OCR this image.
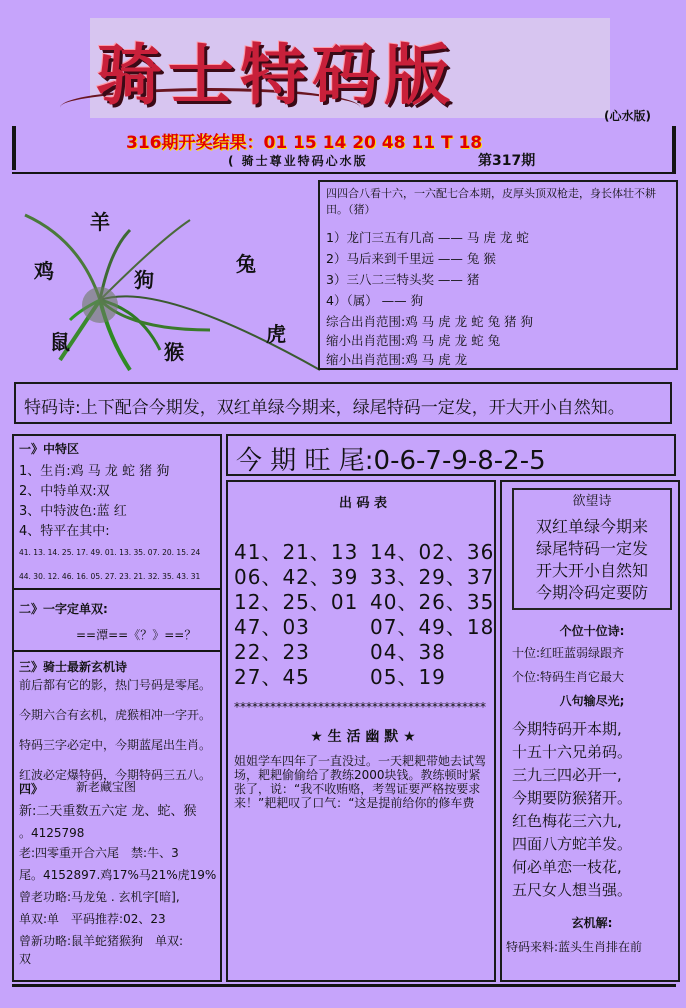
骑士特码版
(心水版)
316期开奖结果：01 15 14 20 48 11 T 18
( 骑士尊业特码心水版	第317期
羊
鸡	狗
兔
鼠	猴
虎
四四合八看十六，一六配七合本期，皮厚头顶双枪走，身长体壮不耕田。（猪）
1）龙门三五有几高 —— 马 虎 龙 蛇
2）马后来到千里远 —— 兔 猴
3）三八二三特头奖 —— 猪
4）（属） —— 狗
综合出肖范围:鸡 马 虎 龙 蛇 兔 猪 狗
缩小出肖范围:鸡 马 虎 龙 蛇 兔
缩小出肖范围:鸡 马 虎 龙
特码诗:上下配合今期发，双红单绿今期来，绿尾特码一定发，开大开小自然知。
一》中特区
1、生肖:鸡 马 龙 蛇 猪 狗
2、中特单双:双
3、中特波色:蓝 红
4、特平在其中:
41. 13. 14. 25. 17. 49. 01. 13. 35. 07. 20. 15. 24
44. 30. 12. 46. 16. 05. 27. 23. 21. 32. 35. 43. 31
二》一字定单双:
==潭==《？》==？
三》骑士最新玄机诗
前后都有它的影，热门号码是零尾。
今期六合有玄机，虎猴相冲一字开。
特码三字必定中，今期蓝尾出生肖。
红波必定爆特码，今期特码三五八。
四》	新老藏宝图
新:二天重数五六定 龙、蛇、猴
。4125798
老:四零重开合六尾　禁:牛、3
尾。4152897.鸡17%马21%虎19%
曾老功略:马龙兔 . 玄机字[暗],
单双:单　平码推荐:02、23
曾新功略:鼠羊蛇猪猴狗　单双:
双
今 期 旺 尾:0-6-7-9-8-2-5
出 码 表
41、21、13 14、02、36
06、42、39 33、29、37
12、25、01 40、26、35
47、03	07、49、18
22、23	04、38
27、45	05、19
******************************************
★ 生 活 幽 默 ★
姐姐学车四年了一直没过。一天耙耙带她去试驾场，耙耙偷偷给了教练2000块钱。教练顿时紧张了，说：“我不收贿赂，考驾证要严格按要求来！”耙耙叹了口气：“这是提前给你的修车费
欲望诗
双红单绿今期来
绿尾特码一定发
开大开小自然知
今期冷码定要防
个位十位诗:
十位:红旺蓝弱绿跟齐
个位:特码生肖它最大
八句输尽光;
今期特码开本期,
十五十六兄弟码。
三九三四必开一,
今期要防猴猪开。
红色梅花三六九,
四面八方蛇羊发。
何必单恋一枝花,
五尺女人想当强。
玄机解:
特码来料:蓝头生肖排在前
